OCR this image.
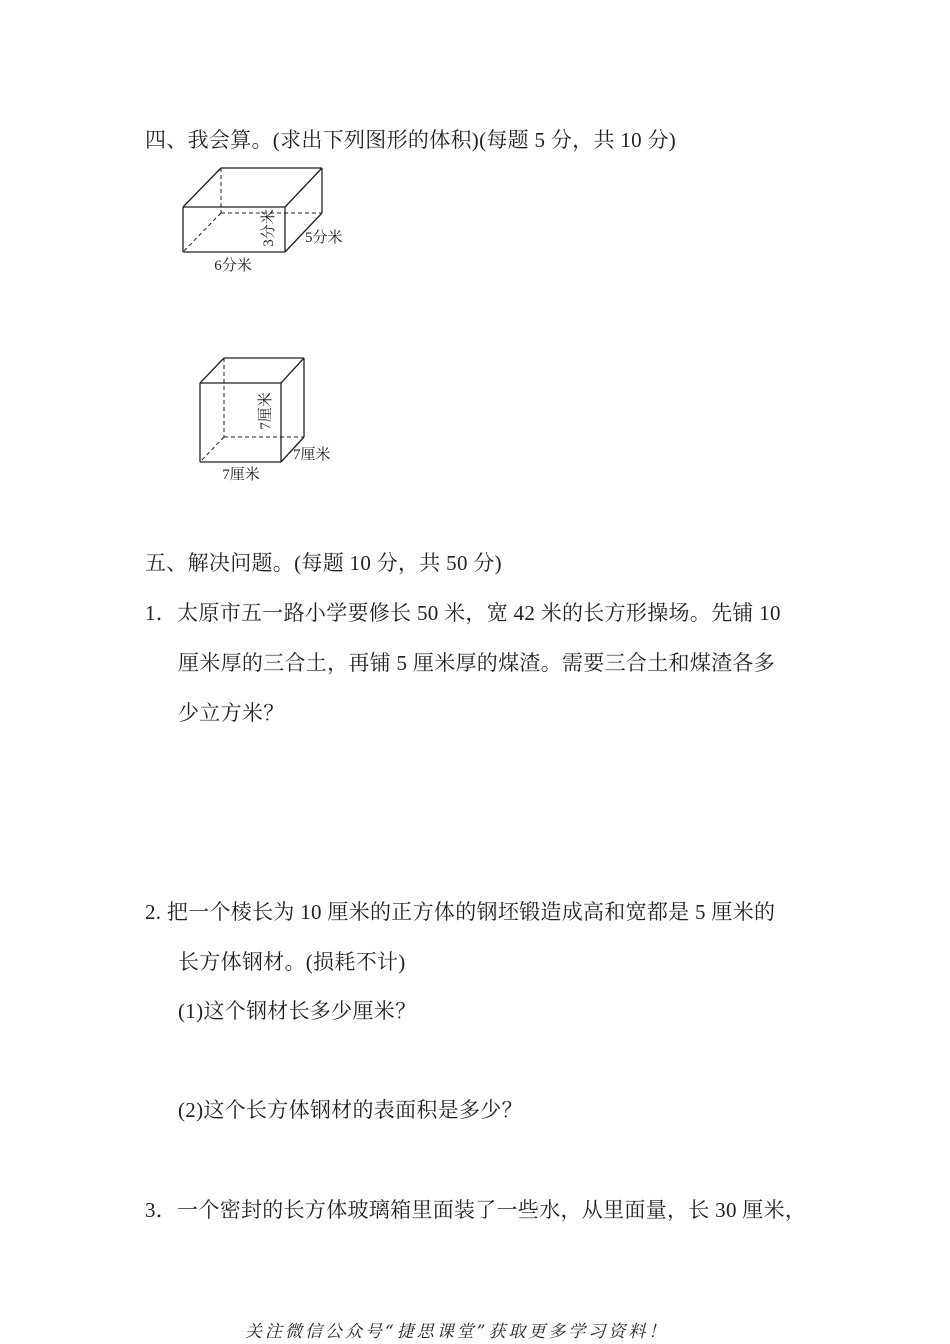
四、我会算。(求出下列图形的体积)(每题 5 分，共 10 分)
6分米
3分米 5分米
7厘米
7厘米
7厘米
五、解决问题。(每题 10 分，共 50 分)
1．太原市五一路小学要修长 50 米，宽 42 米的长方形操场。先铺 10
厘米厚的三合土，再铺 5 厘米厚的煤渣。需要三合土和煤渣各多
少立方米？
2. 把一个棱长为 10 厘米的正方体的钢坯锻造成高和宽都是 5 厘米的
长方体钢材。(损耗不计)
(1)这个钢材长多少厘米？
(2)这个长方体钢材的表面积是多少？
3．一个密封的长方体玻璃箱里面装了一些水，从里面量，长 30 厘米，
关注微信公众号“捷思课堂”获取更多学习资料！
